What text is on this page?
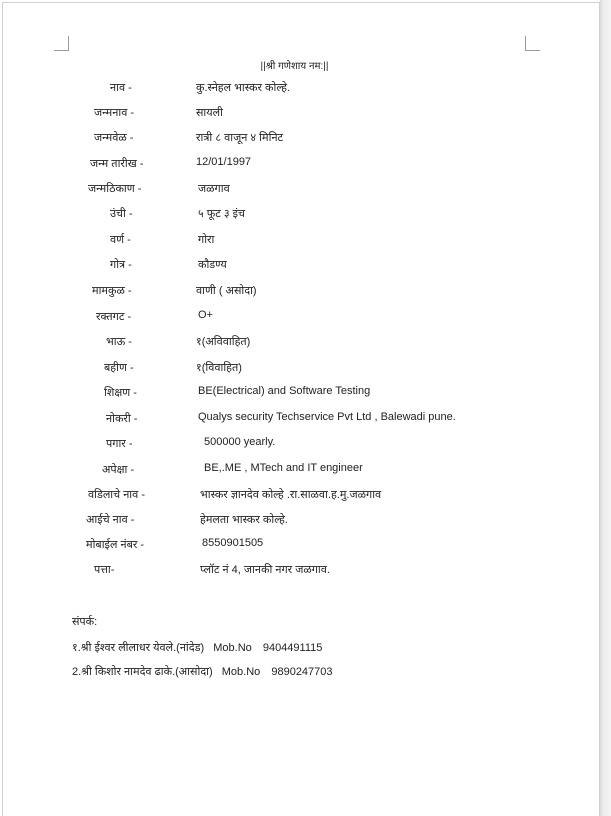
||श्री गणेशाय नम:||
नाव -	कु.स्नेहल भास्कर कोल्हे.
जन्मनाव -	सायली
जन्मवेळ -	रात्री ८ वाजून ४ मिनिट
जन्म तारीख -	12/01/1997
जन्मठिकाण -	जळगाव
उंची -	५ फूट ३ इंच
वर्ण -	गोरा
गोत्र -	कौडण्य
मामकुळ -	वाणी ( असोदा)
रक्तगट -	O+
भाऊ -	१(अविवाहित)
बहीण -	१(विवाहित)
शिक्षण -	BE(Electrical) and Software Testing
नोकरी -	Qualys security Techservice Pvt Ltd , Balewadi pune.
पगार -	500000 yearly.
अपेक्षा -	BE,.ME , MTech and IT engineer
वडिलाचे नाव -	भास्कर ज्ञानदेव कोल्हे .रा.साळवा.ह.मु.जळगाव
आईचे नाव -	हेमलता भास्कर कोल्हे.
मोबाईल नंबर -	8550901505
पत्ता-	प्लॉट नं 4, जानकी नगर जळगाव.
संपर्क:
१.श्री ईश्वर लीलाधर येवले.(नांदेड) Mob.No 9404491115
2.श्री किशोर नामदेव ढाके.(आसोदा) Mob.No 9890247703
